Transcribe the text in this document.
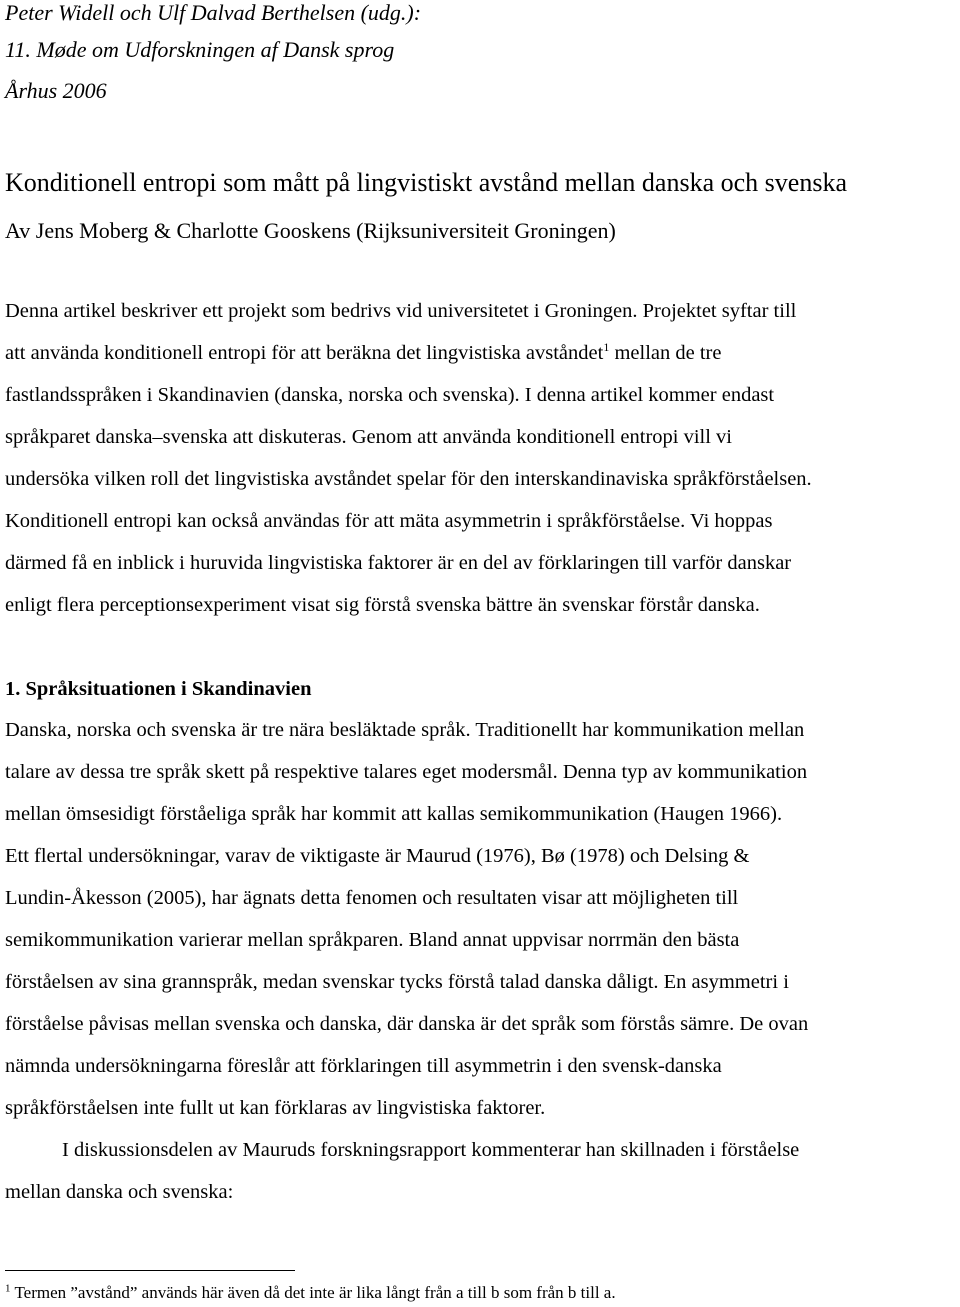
Peter Widell och Ulf Dalvad Berthelsen (udg.):
11. Møde om Udforskningen af Dansk sprog
Århus 2006
Konditionell entropi som mått på lingvistiskt avstånd mellan danska och svenska
Av Jens Moberg & Charlotte Gooskens (Rijksuniversiteit Groningen)
Denna artikel beskriver ett projekt som bedrivs vid universitetet i Groningen. Projektet syftar till
att använda konditionell entropi för att beräkna det lingvistiska avståndet$^1$ mellan de tre
fastlandsspråken i Skandinavien (danska, norska och svenska). I denna artikel kommer endast
språkparet danska–svenska att diskuteras. Genom att använda konditionell entropi vill vi
undersöka vilken roll det lingvistiska avståndet spelar för den interskandinaviska språkförståelsen.
Konditionell entropi kan också användas för att mäta asymmetrin i språkförståelse. Vi hoppas
därmed få en inblick i huruvida lingvistiska faktorer är en del av förklaringen till varför danskar
enligt flera perceptionsexperiment visat sig förstå svenska bättre än svenskar förstår danska.
1. Språksituationen i Skandinavien
Danska, norska och svenska är tre nära besläktade språk. Traditionellt har kommunikation mellan
talare av dessa tre språk skett på respektive talares eget modersmål. Denna typ av kommunikation
mellan ömsesidigt förståeliga språk har kommit att kallas semikommunikation (Haugen 1966).
Ett flertal undersökningar, varav de viktigaste är Maurud (1976), Bø (1978) och Delsing &
Lundin-Åkesson (2005), har ägnats detta fenomen och resultaten visar att möjligheten till
semikommunikation varierar mellan språkparen. Bland annat uppvisar norrmän den bästa
förståelsen av sina grannspråk, medan svenskar tycks förstå talad danska dåligt. En asymmetri i
förståelse påvisas mellan svenska och danska, där danska är det språk som förstås sämre. De ovan
nämnda undersökningarna föreslår att förklaringen till asymmetrin i den svensk-danska
språkförståelsen inte fullt ut kan förklaras av lingvistiska faktorer.
I diskussionsdelen av Mauruds forskningsrapport kommenterar han skillnaden i förståelse
mellan danska och svenska:
$^1$ Termen ”avstånd” används här även då det inte är lika långt från a till b som från b till a.
